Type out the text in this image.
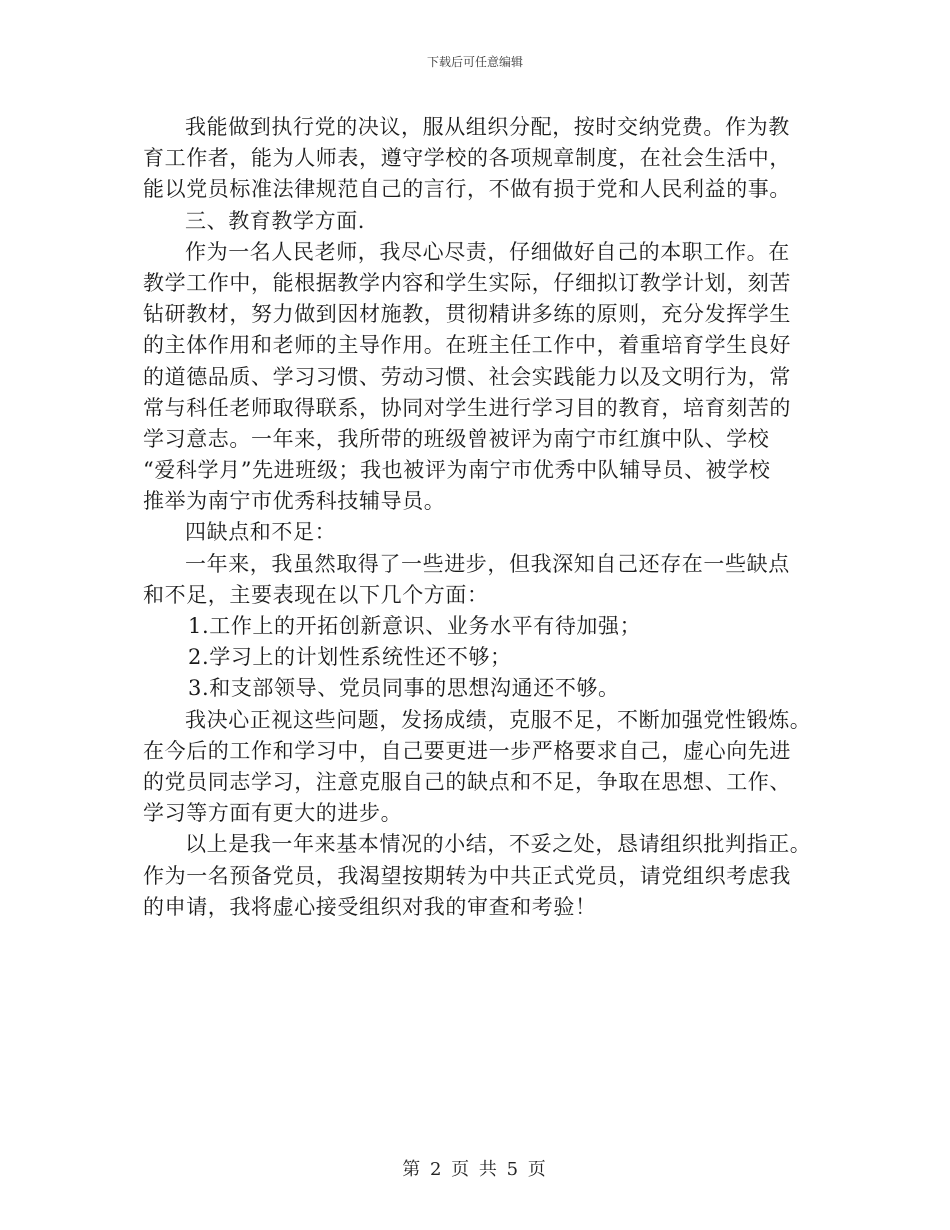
下载后可任意编辑
我能做到执行党的决议，服从组织分配，按时交纳党费。作为教
育工作者，能为人师表，遵守学校的各项规章制度，在社会生活中，
能以党员标准法律规范自己的言行，不做有损于党和人民利益的事。
三、教育教学方面.
作为一名人民老师，我尽心尽责，仔细做好自己的本职工作。在
教学工作中，能根据教学内容和学生实际，仔细拟订教学计划，刻苦
钻研教材，努力做到因材施教，贯彻精讲多练的原则，充分发挥学生
的主体作用和老师的主导作用。在班主任工作中，着重培育学生良好
的道德品质、学习习惯、劳动习惯、社会实践能力以及文明行为，常
常与科任老师取得联系，协同对学生进行学习目的教育，培育刻苦的
学习意志。一年来，我所带的班级曾被评为南宁市红旗中队、学校
“爱科学月”先进班级；我也被评为南宁市优秀中队辅导员、被学校
推举为南宁市优秀科技辅导员。
四缺点和不足：
一年来，我虽然取得了一些进步，但我深知自己还存在一些缺点
和不足，主要表现在以下几个方面：
1.工作上的开拓创新意识、业务水平有待加强；
2.学习上的计划性系统性还不够；
3.和支部领导、党员同事的思想沟通还不够。
我决心正视这些问题，发扬成绩，克服不足，不断加强党性锻炼。
在今后的工作和学习中，自己要更进一步严格要求自己，虚心向先进
的党员同志学习，注意克服自己的缺点和不足，争取在思想、工作、
学习等方面有更大的进步。
以上是我一年来基本情况的小结，不妥之处，恳请组织批判指正。
作为一名预备党员，我渴望按期转为中共正式党员，请党组织考虑我
的申请，我将虚心接受组织对我的审查和考验！
第 2 页 共 5 页
